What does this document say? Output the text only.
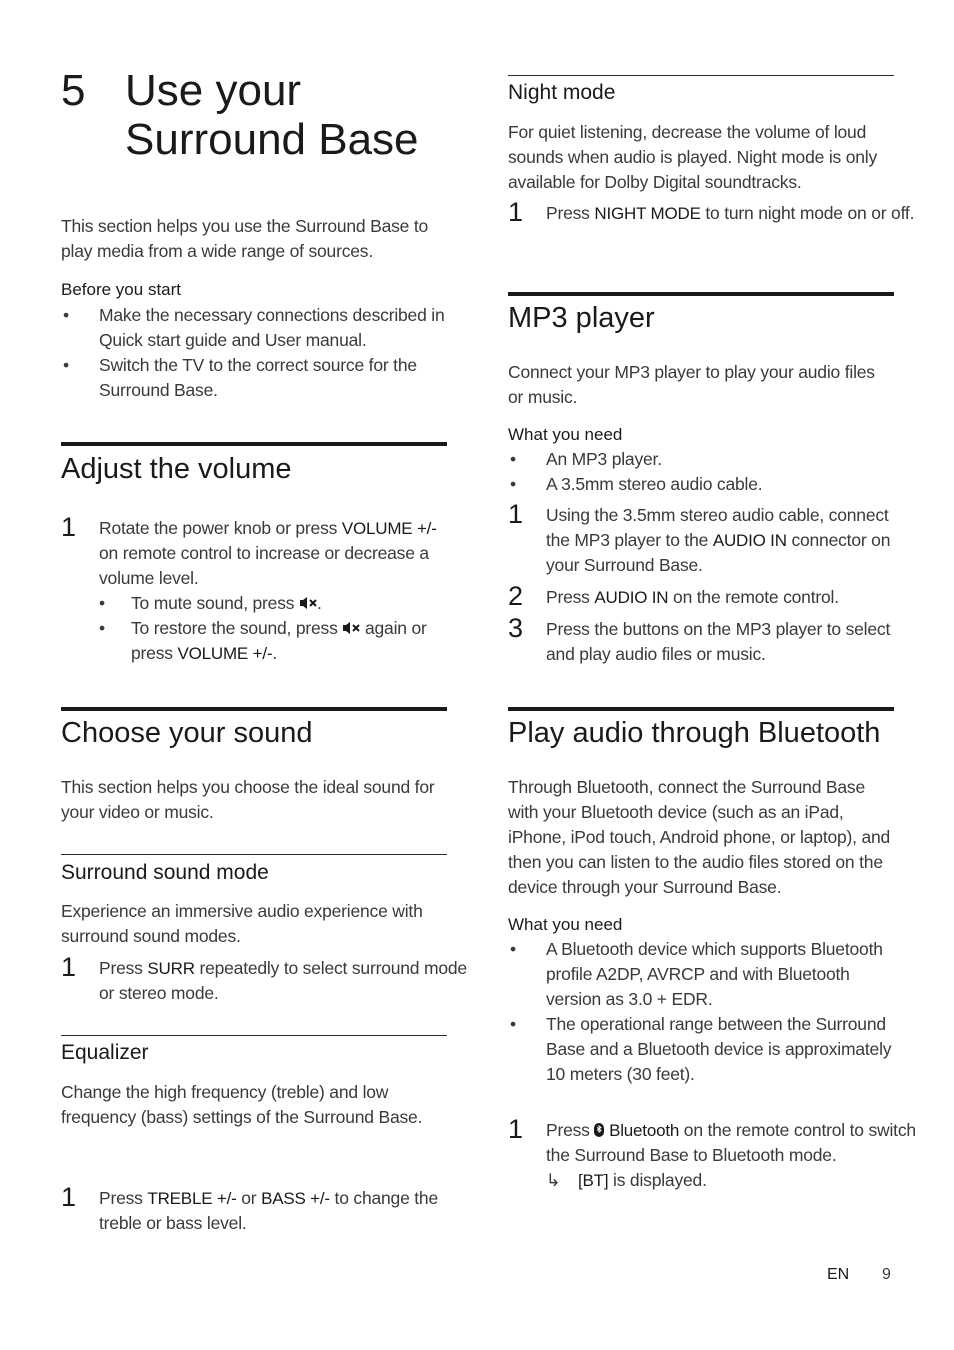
5 Use your
Surround Base

This section helps you use the Surround Base to play media from a wide range of sources.

Before you start

• Make the necessary connections described in Quick start guide and User manual.

• Switch the TV to the correct source for the Surround Base.

Adjust the volume

1 Rotate the power knob or press VOLUME +/- on remote control to increase or decrease a volume level.

• To mute sound, press .

• To restore the sound, press  again or press VOLUME +/-.

Choose your sound

This section helps you choose the ideal sound for your video or music.

Surround sound mode

Experience an immersive audio experience with surround sound modes.

1 Press SURR repeatedly to select surround mode or stereo mode.

Equalizer

Change the high frequency (treble) and low frequency (bass) settings of the Surround Base.

1 Press TREBLE +/- or BASS +/- to change the treble or bass level.

Night mode

For quiet listening, decrease the volume of loud sounds when audio is played. Night mode is only available for Dolby Digital soundtracks.

1 Press NIGHT MODE to turn night mode on or off.

MP3 player

Connect your MP3 player to play your audio files or music.

What you need

• An MP3 player.

• A 3.5mm stereo audio cable.

1 Using the 3.5mm stereo audio cable, connect the MP3 player to the AUDIO IN connector on your Surround Base.

2 Press AUDIO IN on the remote control.

3 Press the buttons on the MP3 player to select and play audio files or music.

Play audio through Bluetooth

Through Bluetooth, connect the Surround Base with your Bluetooth device (such as an iPad, iPhone, iPod touch, Android phone, or laptop), and then you can listen to the audio files stored on the device through your Surround Base.

What you need

• A Bluetooth device which supports Bluetooth profile A2DP, AVRCP and with Bluetooth version as 3.0 + EDR.

• The operational range between the Surround Base and a Bluetooth device is approximately 10 meters (30 feet).

1 Press  Bluetooth on the remote control to switch the Surround Base to Bluetooth mode.

↳ [BT] is displayed.

EN 9
